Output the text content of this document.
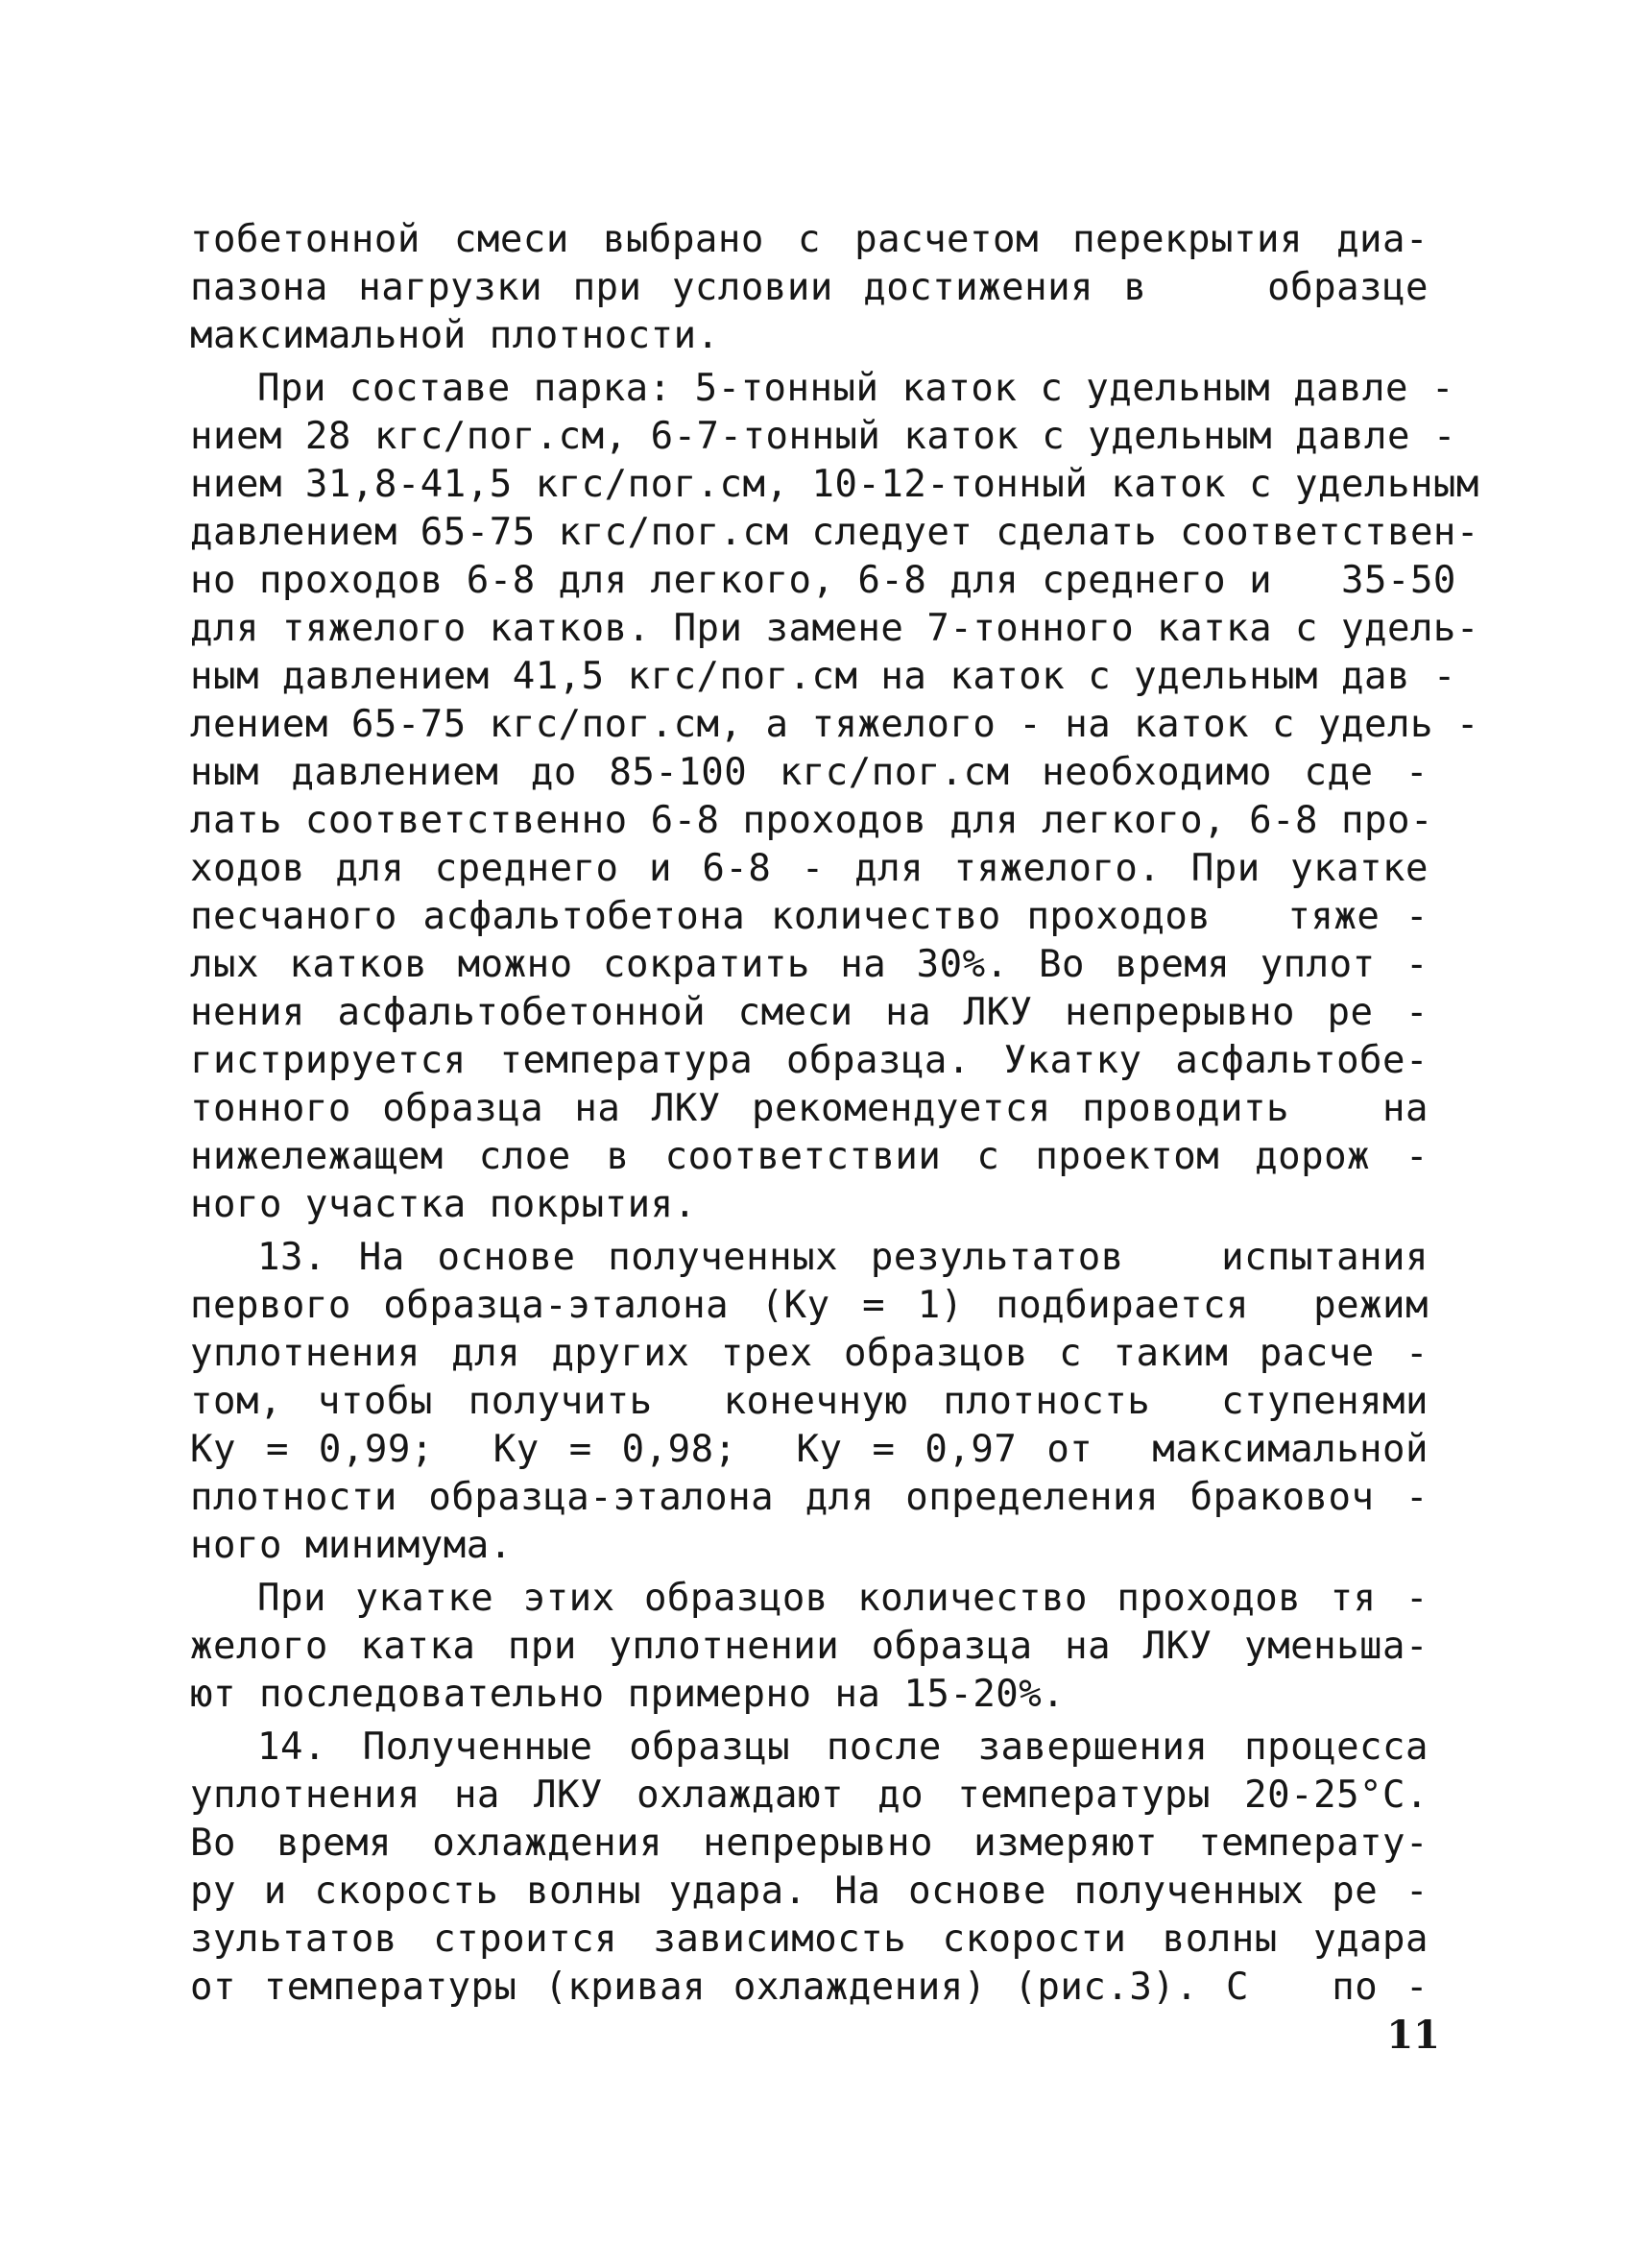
тобетонной смеси выбрано с расчетом перекрытия диа-
пазона нагрузки при условии достижения в    образце
максимальной плотности.
При составе парка: 5-тонный каток с удельным давле -
нием 28 кгс/пог.см, 6-7-тонный каток с удельным давле -
нием 31,8-41,5 кгс/пог.см, 10-12-тонный каток с удельным
давлением 65-75 кгс/пог.см следует сделать соответствен-
но проходов 6-8 для легкого, 6-8 для среднего и   35-50
для тяжелого катков. При замене 7-тонного катка с удель-
ным давлением 41,5 кгс/пог.см на каток с удельным дав -
лением 65-75 кгс/пог.см, а тяжелого - на каток с удель -
ным давлением до 85-100 кгс/пог.см необходимо сде -
лать соответственно 6-8 проходов для легкого, 6-8 про-
ходов для среднего и 6-8 - для тяжелого. При укатке
песчаного асфальтобетона количество проходов   тяже -
лых катков можно сократить на 30%. Во время уплот -
нения асфальтобетонной смеси на ЛКУ непрерывно ре -
гистрируется температура образца. Укатку асфальтобе-
тонного образца на ЛКУ рекомендуется проводить   на
нижележащем слое в соответствии с проектом дорож -
ного участка покрытия.
13. На основе полученных результатов   испытания
первого образца-эталона (Kу = 1) подбирается  режим
уплотнения для других трех образцов с таким расче -
том, чтобы получить  конечную плотность  ступенями
Kу = 0,99;  Kу = 0,98;  Kу = 0,97 от  максимальной
плотности образца-эталона для определения браковоч -
ного минимума.
При укатке этих образцов количество проходов тя -
желого катка при уплотнении образца на ЛКУ уменьша-
ют последовательно примерно на 15-20%.
14. Полученные образцы после завершения процесса
уплотнения на ЛКУ охлаждают до температуры 20-25°С.
Во время охлаждения непрерывно измеряют температу-
ру и скорость волны удара. На основе полученных ре -
зультатов строится зависимость скорости волны удара
от температуры (кривая охлаждения) (рис.3). С   по -
11
